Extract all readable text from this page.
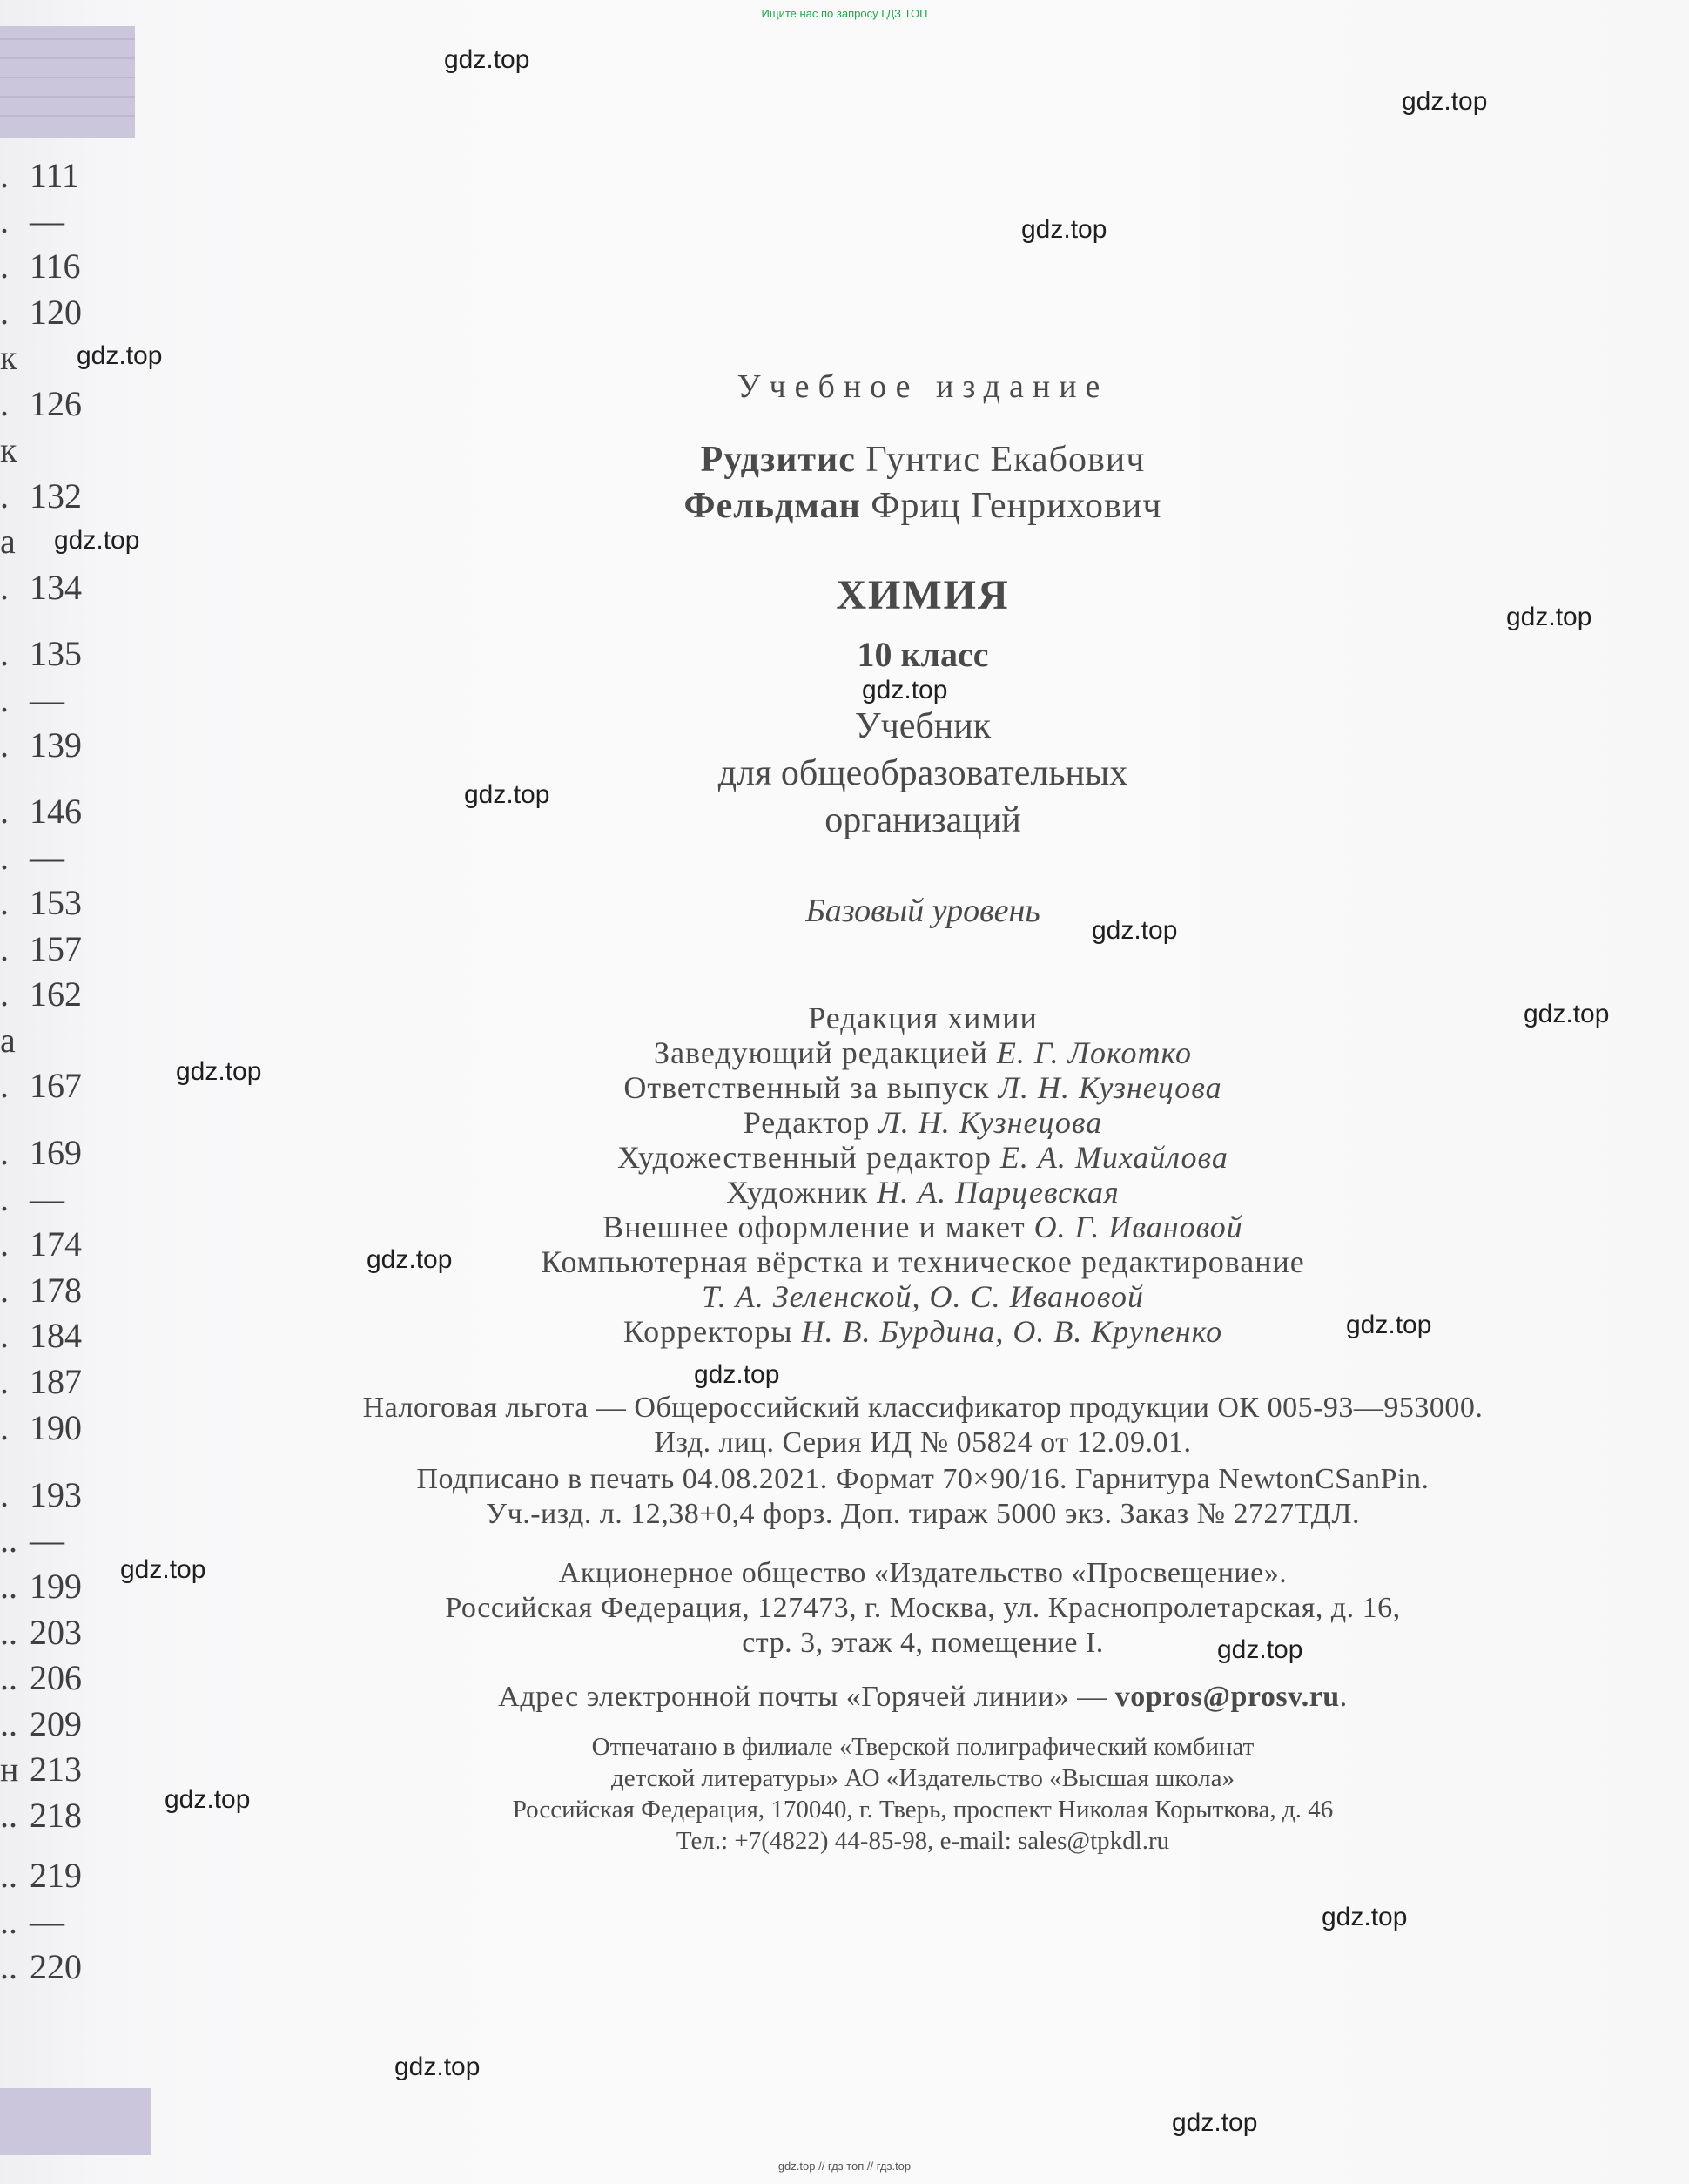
Ищите нас по запросу ГДЗ ТОП
. 111
. —
. 116
. 120
к
. 126
к
. 132
а
. 134
. 135
. —
. 139
. 146
. —
. 153
. 157
. 162
а
. 167
. 169
. —
. 174
. 178
. 184
. 187
. 190
. 193
.. —
.. 199
.. 203
.. 206
.. 209
н 213
.. 218
.. 219
.. —
.. 220
Учебное издание
Рудзитис Гунтис Екабович
Фельдман Фриц Генрихович
ХИМИЯ
10 класс
Учебник
для общеобразовательных
организаций
Базовый уровень
Редакция химии
Заведующий редакцией Е. Г. Локотко
Ответственный за выпуск Л. Н. Кузнецова
Редактор Л. Н. Кузнецова
Художественный редактор Е. А. Михайлова
Художник Н. А. Парцевская
Внешнее оформление и макет О. Г. Ивановой
Компьютерная вёрстка и техническое редактирование
Т. А. Зеленской, О. С. Ивановой
Корректоры Н. В. Бурдина, О. В. Крупенко
Налоговая льгота — Общероссийский классификатор продукции ОК 005-93—953000.
Изд. лиц. Серия ИД № 05824 от 12.09.01.
Подписано в печать 04.08.2021. Формат 70×90/16. Гарнитура NewtonCSanPin.
Уч.-изд. л. 12,38+0,4 форз. Доп. тираж 5000 экз. Заказ № 2727ТДЛ.
Акционерное общество «Издательство «Просвещение».
Российская Федерация, 127473, г. Москва, ул. Краснопролетарская, д. 16,
стр. 3, этаж 4, помещение I.
Адрес электронной почты «Горячей линии» — vopros@prosv.ru.
Отпечатано в филиале «Тверской полиграфический комбинат
детской литературы» АО «Издательство «Высшая школа»
Российская Федерация, 170040, г. Тверь, проспект Николая Корыткова, д. 46
Тел.: +7(4822) 44-85-98, e-mail: sales@tpkdl.ru
gdz.top
gdz.top
gdz.top
gdz.top
gdz.top
gdz.top
gdz.top
gdz.top
gdz.top
gdz.top
gdz.top
gdz.top
gdz.top
gdz.top
gdz.top
gdz.top
gdz.top
gdz.top
gdz.top
gdz.top
gdz.top // гдз топ // гдз.top
